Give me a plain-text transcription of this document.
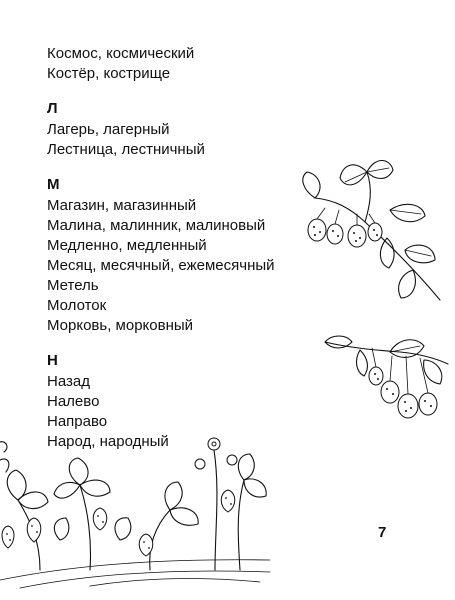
Космос, космический
Костёр, кострище
Л
Лагерь, лагерный
Лестница, лестничный
М
Магазин, магазинный
Малина, малинник, малиновый
Медленно, медленный
Месяц, месячный, ежемесячный
Метель
Молоток
Морковь, морковный
Н
Назад
Налево
Направо
Народ, народный
7
